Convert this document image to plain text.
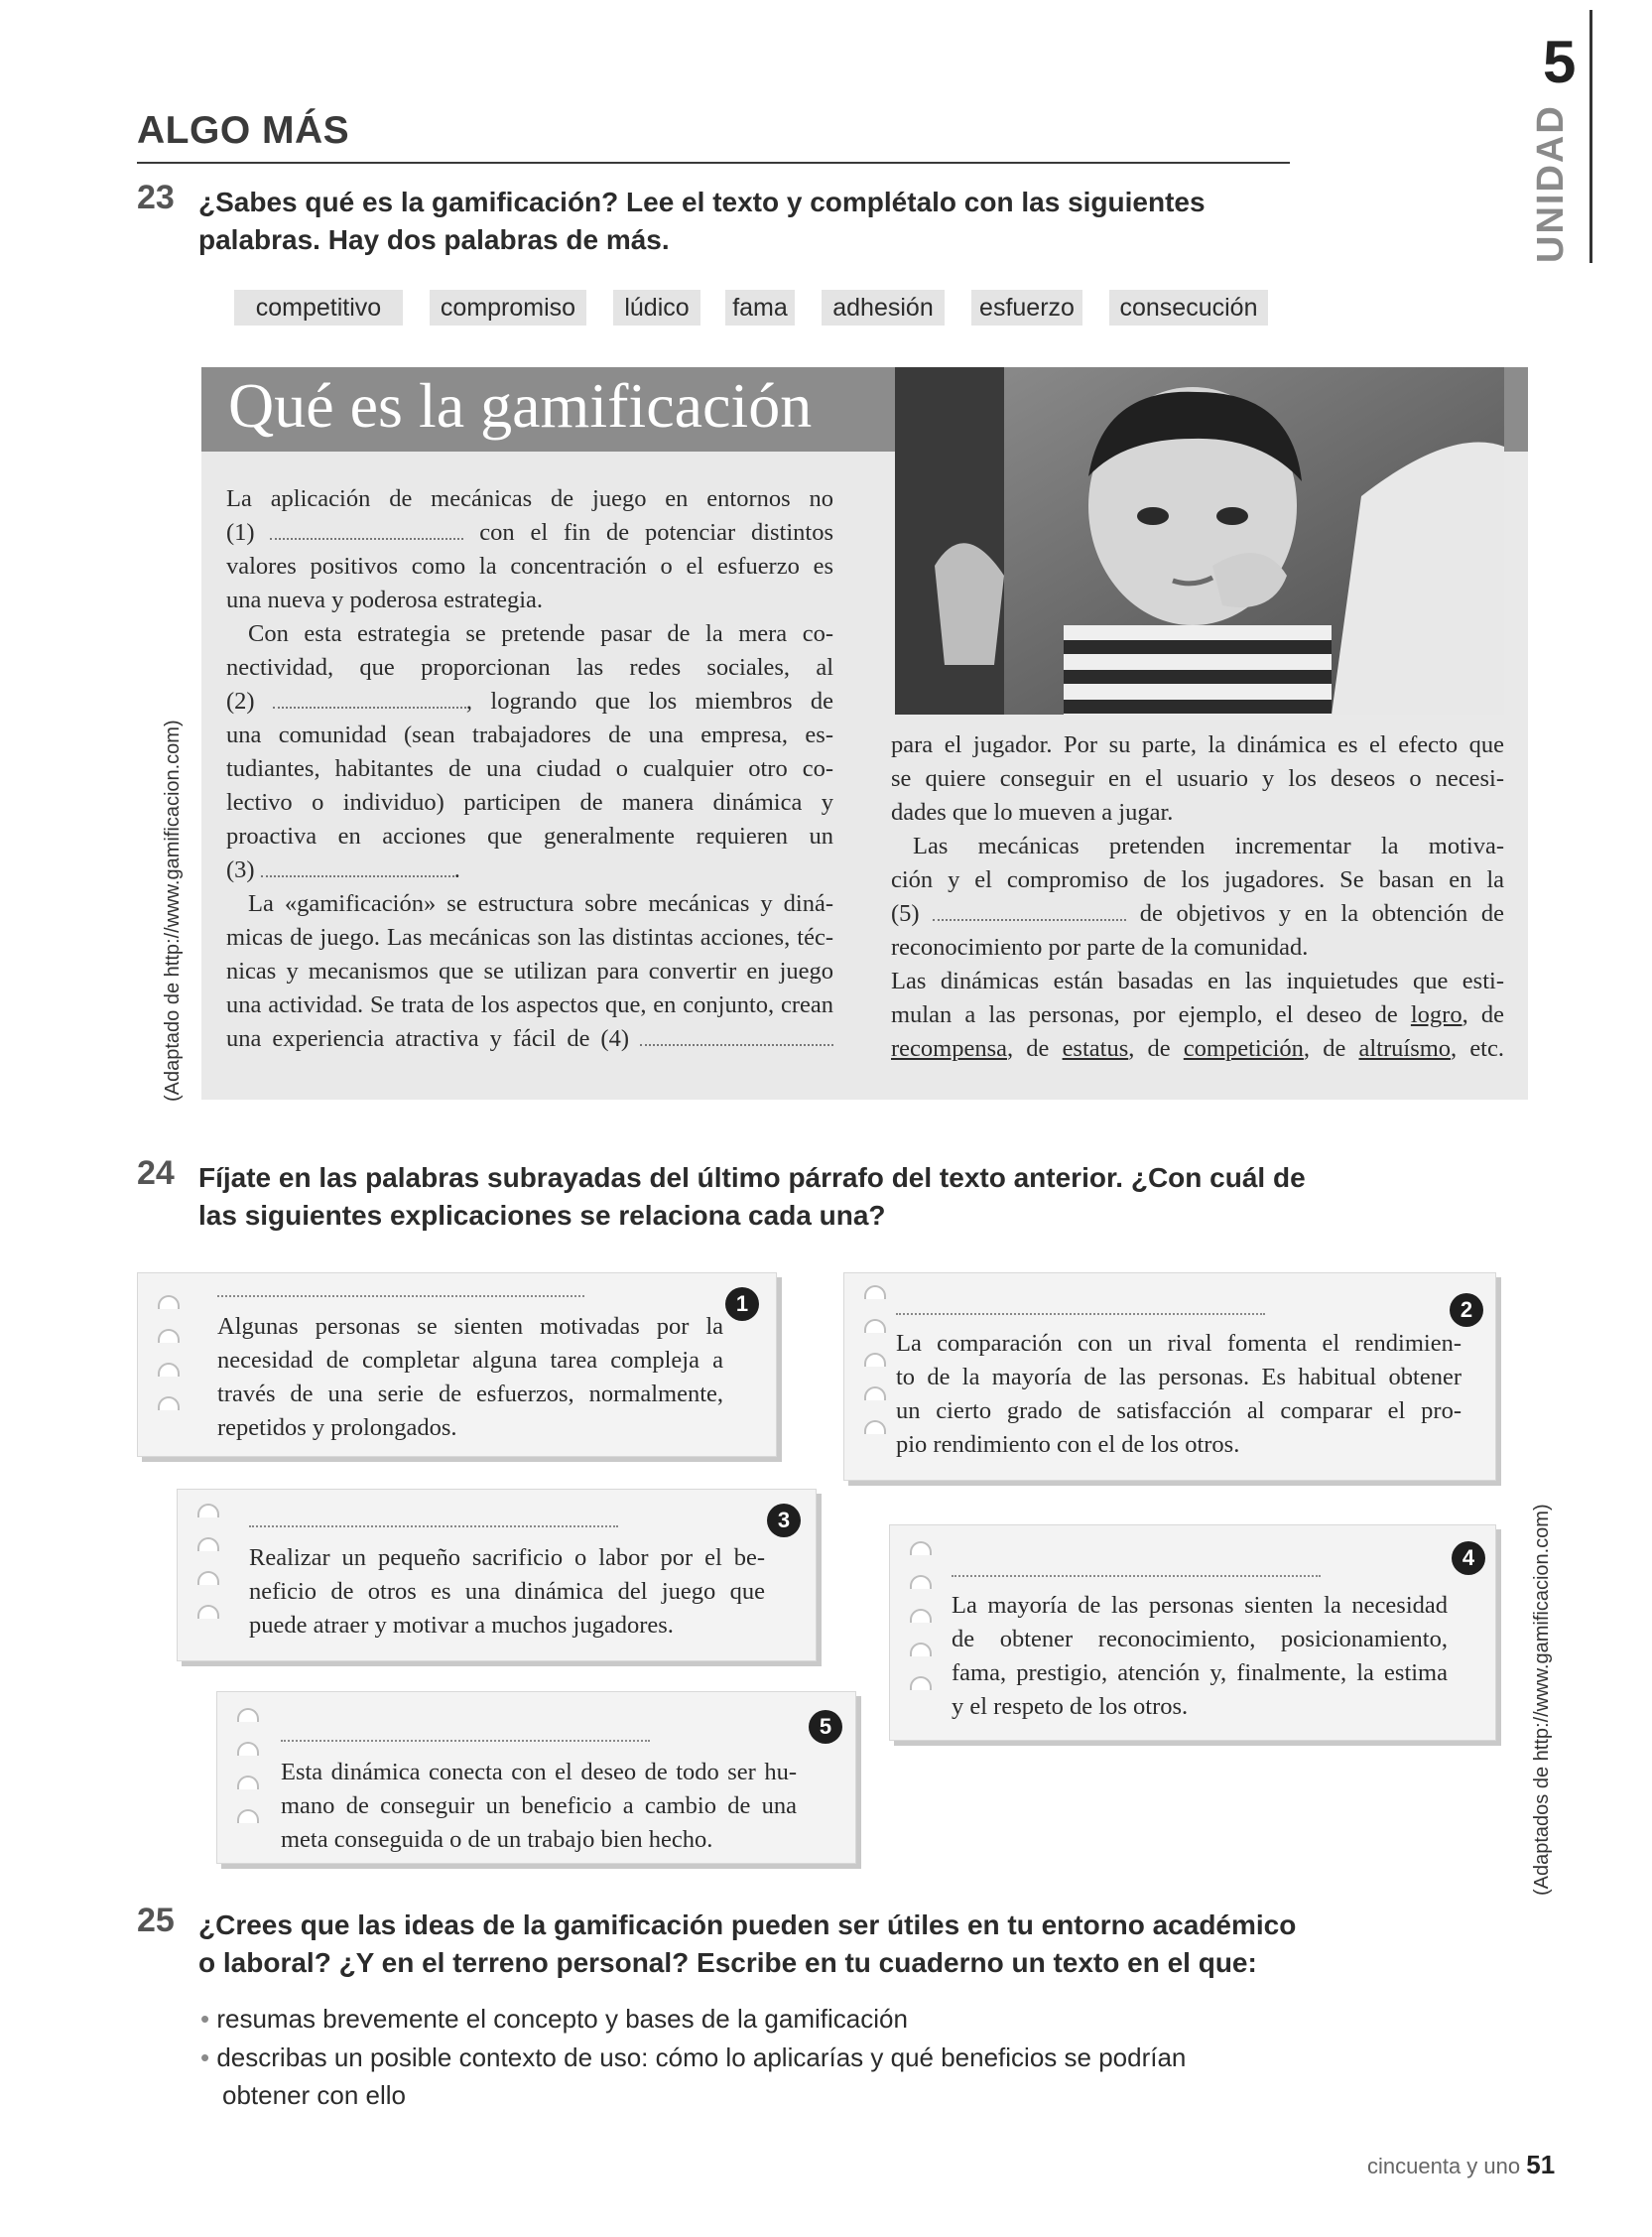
5
UNIDAD
ALGO MÁS
23 ¿Sabes qué es la gamificación? Lee el texto y complétalo con las siguientes
palabras. Hay dos palabras de más.
competitivo	compromiso	lúdico	fama	adhesión	esfuerzo	consecución
Qué es la gamificación
(Adaptado de http://www.gamificacion.com)
La aplicación de mecánicas de juego en entornos no
(1)	con el fin de potenciar distintos
valores positivos como la concentración o el esfuerzo es
una nueva y poderosa estrategia.
Con esta estrategia se pretende pasar de la mera co-
nectividad, que proporcionan las redes sociales, al
(2)	, logrando que los miembros de
una comunidad (sean trabajadores de una empresa, es-
tudiantes, habitantes de una ciudad o cualquier otro co-
lectivo o individuo) participen de manera dinámica y
proactiva en acciones que generalmente requieren un
(3)	.
La «gamificación» se estructura sobre mecánicas y diná-
micas de juego. Las mecánicas son las distintas acciones, téc-
nicas y mecanismos que se utilizan para convertir en juego
una actividad. Se trata de los aspectos que, en conjunto, crean
una experiencia atractiva y fácil de (4)
para el jugador. Por su parte, la dinámica es el efecto que
se quiere conseguir en el usuario y los deseos o necesi-
dades que lo mueven a jugar.
Las mecánicas pretenden incrementar la motiva-
ción y el compromiso de los jugadores. Se basan en la
(5)	de objetivos y en la obtención de
reconocimiento por parte de la comunidad.
Las dinámicas están basadas en las inquietudes que esti-
mulan a las personas, por ejemplo, el deseo de logro, de
recompensa, de estatus, de competición, de altruísmo, etc.
24 Fíjate en las palabras subrayadas del último párrafo del texto anterior. ¿Con cuál de
las siguientes explicaciones se relaciona cada una?
1
Algunas personas se sienten motivadas por la
necesidad de completar alguna tarea compleja a
través de una serie de esfuerzos, normalmente,
repetidos y prolongados.
2
La comparación con un rival fomenta el rendimien-
to de la mayoría de las personas. Es habitual obtener
un cierto grado de satisfacción al comparar el pro-
pio rendimiento con el de los otros.
3
Realizar un pequeño sacrificio o labor por el be-
neficio de otros es una dinámica del juego que
puede atraer y motivar a muchos jugadores.
4
La mayoría de las personas sienten la necesidad
de obtener reconocimiento, posicionamiento,
fama, prestigio, atención y, finalmente, la estima
y el respeto de los otros.
5
Esta dinámica conecta con el deseo de todo ser hu-
mano de conseguir un beneficio a cambio de una
meta conseguida o de un trabajo bien hecho.	(Adaptados de http://www.gamificacion.com)
25 ¿Crees que las ideas de la gamificación pueden ser útiles en tu entorno académico
o laboral? ¿Y en el terreno personal? Escribe en tu cuaderno un texto en el que:
• resumas brevemente el concepto y bases de la gamificación
• describas un posible contexto de uso: cómo lo aplicarías y qué beneficios se podrían
obtener con ello
cincuenta y uno 51
